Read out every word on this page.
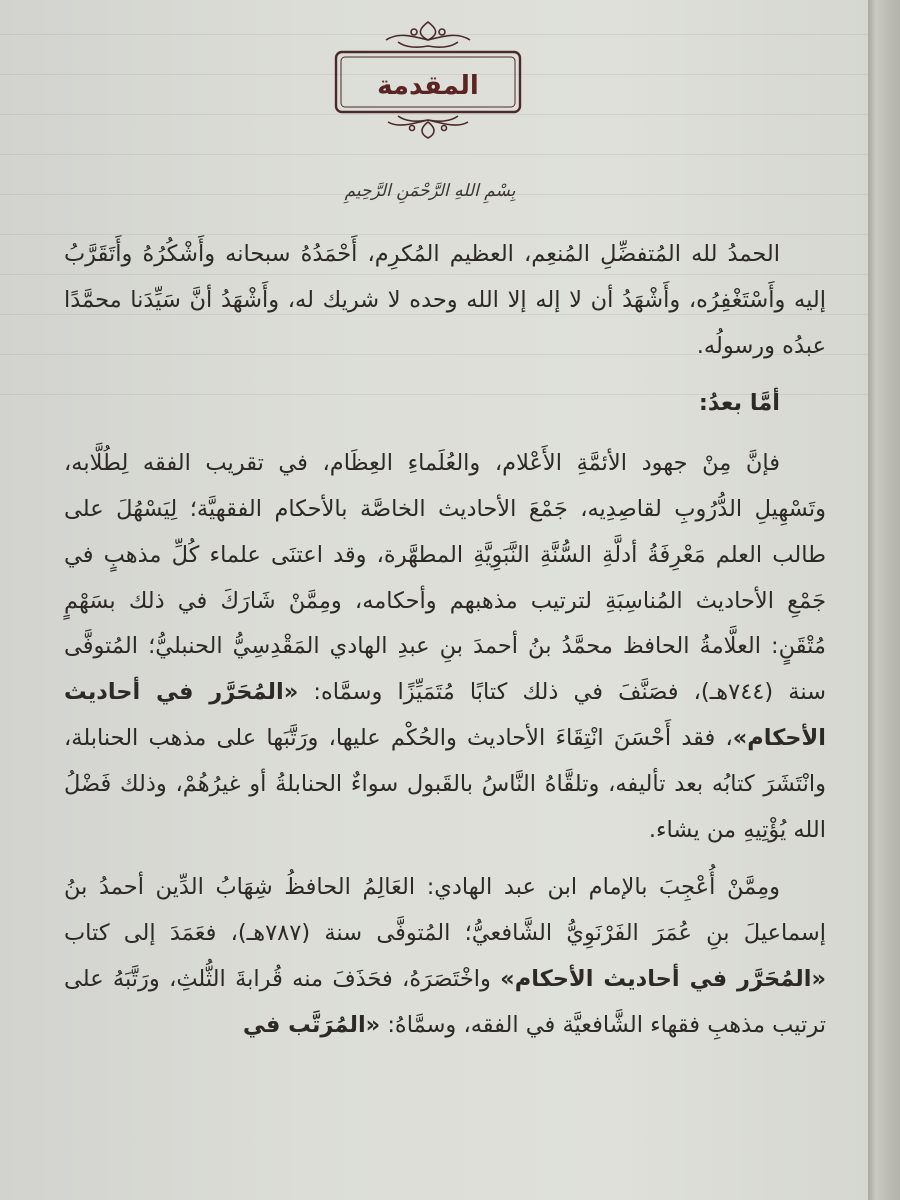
المقدمة
بِسْمِ اللهِ الرَّحْمَنِ الرَّحِيمِ

الحمدُ لله المُتفضِّلِ المُنعِم، العظيم المُكرِم، أَحْمَدُهُ سبحانه وأَشْكُرُهُ وأَتَقَرَّبُ إليه وأَسْتَغْفِرُه، وأَشْهَدُ أن لا إله إلا الله وحده لا شريك له، وأَشْهَدُ أنَّ سَيِّدَنا محمَّدًا عبدُه ورسولُه.

أمَّا بعدُ:

فإنَّ مِنْ جهود الأئمَّةِ الأَعْلام، والعُلَماءِ العِظَام، في تقريب الفقه لِطُلَّابه، وتَسْهِيلِ الدُّرُوبِ لقاصِدِيه، جَمْعَ الأحاديث الخاصَّة بالأحكام الفقهيَّة؛ لِيَسْهُلَ على طالب العلم مَعْرِفَةُ أدلَّةِ السُّنَّةِ النَّبَوِيَّةِ المطهَّرة، وقد اعتنَى علماء كُلِّ مذهبٍ في جَمْعِ الأحاديث المُناسِبَةِ لترتيب مذهبهم وأحكامه، ومِمَّنْ شَارَكَ في ذلك بسَهْمٍ مُتْقَنٍ: العلَّامةُ الحافظ محمَّدُ بنُ أحمدَ بنِ عبدِ الهادي المَقْدِسِيُّ الحنبليُّ؛ المُتوفَّى سنة (٧٤٤هـ)، فصَنَّفَ في ذلك كتابًا مُتَمَيِّزًا وسمَّاه: «المُحَرَّر في أحاديث الأحكام»، فقد أَحْسَنَ انْتِقَاءَ الأحاديث والحُكْم عليها، ورَتَّبَها على مذهب الحنابلة، وانْتَشَرَ كتابُه بعد تأليفه، وتلقَّاهُ النَّاسُ بالقَبول سواءٌ الحنابلةُ أو غيرُهُمْ، وذلك فَضْلُ الله يُؤْتِيهِ من يشاء.

ومِمَّنْ أُعْجِبَ بالإمام ابن عبد الهادي: العَالِمُ الحافظُ شِهَابُ الدِّين أحمدُ بنُ إسماعيلَ بنِ عُمَرَ الفَرْنَوِيُّ الشَّافعيُّ؛ المُتوفَّى سنة (٧٨٧هـ)، فعَمَدَ إلى كتاب «المُحَرَّر في أحاديث الأحكام» واخْتَصَرَهُ، فحَذَفَ منه قُرابةَ الثُّلثِ، ورَتَّبَهُ على ترتيب مذهبِ فقهاء الشَّافعيَّة في الفقه، وسمَّاهُ: «المُرَتَّب في
